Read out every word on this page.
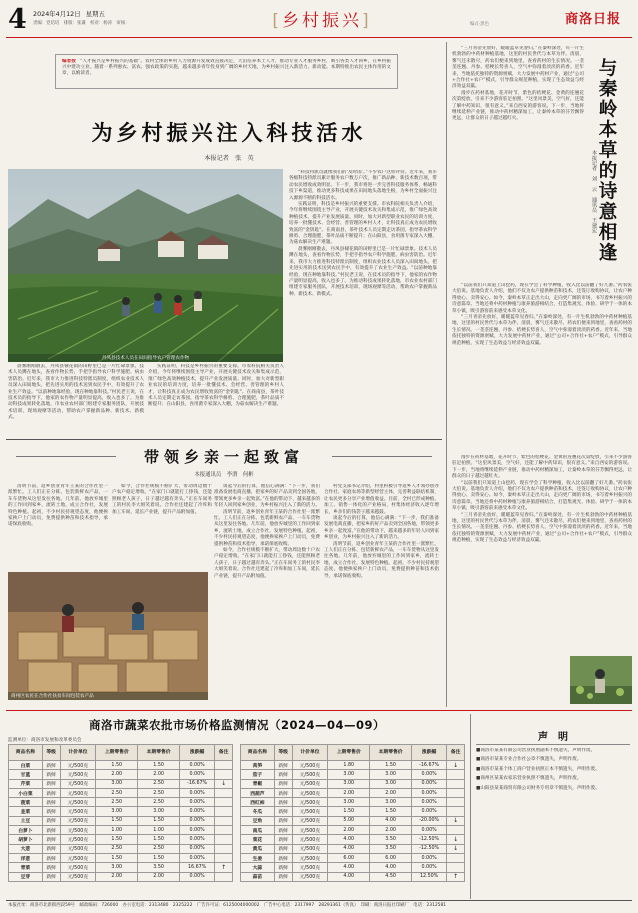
4 2024年4月12日 星期五
责编：党培培　排版：张谦　校对：杨涛　审核：	[乡村振兴]	商洛日报
编式·黑色
编者按 “人才振兴是乡村振兴的基础”。农村全体的乡村人力资源开发成效直接决定，天泊培养本土人才，推动专业人才服务乡村，吸引各类人才回乡，在乡村振兴中建功立业。随着一系列惠农、富农、强农政策的实施，越来越多青年投身到广阔的乡村天地，为乡村振兴注入新活力、新动能。本期特推出农民主体作用的文章，以飨读者。
为乡村振兴注入科技活水
本报记者　张　英
丹凤县技术人员在田间指导农户管理农作物

晨雾刚刚散去，丹凤县棣花镇的田野里已是一片忙碌景象。技术人员蹲在地头，查看作物长势，手把手指导农户科学施肥、病虫害防治。近年来，我市大力推进科技特派员制度，组织农业技术人员深入田间地头，把先进实用的技术送到农民手中，有效提升了农业生产效益。“以前种地靠经验，现在种地靠科技。”村民老王说，在技术员的指导下，他家的农作物产量明显提高，收入也多了。为推动科技成果转化落地，市农业农村部门组建专家服务团队，开展技术培训、现场观摩等活动，帮助农户掌握新品种、新技术、新模式。

实践证明，科技是乡村振兴的重要支撑。市农科院相关负责人介绍，今年将继续围绕主导产业，开展关键技术攻关和集成示范，推广绿色高效种植技术，提升产业发展质量。同时，加大对新型职业农民的培训力度，培养一批懂技术、会经营、善管理的乡村人才，让科技真正成为农民增收致富的“金钥匙”。在商南县，茶叶技术人员定期走访茶园，指导茶农科学修剪、合理施肥，茶叶品质不断提升；在山阳县，食用菌专家深入大棚，为菇农解决生产难题。

“科技特派员就像我们的‘及时雨’。”不少农户这样评价。近年来，我市各级科技特派员累计服务农户数万户次，推广新品种、新技术数百项，带动农民增收成效明显。下一步，我市将进一步完善科技服务体系，畅通科技下乡渠道，推动更多科技成果在田间地头落地生根，为乡村全面振兴注入源源不断的科技活水。

实践证明，科技是乡村振兴的重要支撑。市农科院相关负责人介绍，今年将继续围绕主导产业，开展关键技术攻关和集成示范，推广绿色高效种植技术，提升产业发展质量。同时，加大对新型职业农民的培训力度，培养一批懂技术、会经营、善管理的乡村人才，让科技真正成为农民增收致富的“金钥匙”。在商南县，茶叶技术人员定期走访茶园，指导茶农科学修剪、合理施肥，茶叶品质不断提升；在山阳县，食用菌专家深入大棚，为菇农解决生产难题。

晨雾刚刚散去，丹凤县棣花镇的田野里已是一片忙碌景象。技术人员蹲在地头，查看作物长势，手把手指导农户科学施肥、病虫害防治。近年来，我市大力推进科技特派员制度，组织农业技术人员深入田间地头，把先进实用的技术送到农民手中，有效提升了农业生产效益。“以前种地靠经验，现在种地靠科技。”村民老王说，在技术员的指导下，他家的农作物产量明显提高，收入也多了。为推动科技成果转化落地，市农业农村部门组建专家服务团队，开展技术培训、现场观摩等活动，帮助农户掌握新品种、新技术、新模式。

带领乡亲一起致富
本报通讯员　李渭　何彬

清明节前，返乡创业青年王某的合作社里一派繁忙。工人们正在分拣、包装新鲜农产品，一车车货物从这里发往各地。几年前，他放弃城里的工作回到家乡，流转土地，成立合作社，发展特色种植。起初，不少村民持观望态度，他便挨家挨户上门动员，免费提供种苗和技术指导，承诺保底收购。

商州区农民在合作社扶贫车间包装农产品

如今，合作社规模不断扩大，带动周边数十户农户稳定增收。“在家门口就能打工挣钱，还能照顾老人孩子，日子越过越有奔头。”正在车间务工的村民李大姐笑着说。合作社还建起了冷库和加工车间，延长产业链，提升产品附加值。

谈起今后的打算，他信心满满：“下一步，我们准备发展电商直播，把家乡的好产品卖到全国各地，带领更多乡亲一起致富。”在他的带动下，越来越多的年轻人回到家乡创业，为乡村振兴注入了新的活力。

清明节前，返乡创业青年王某的合作社里一派繁忙。工人们正在分拣、包装新鲜农产品，一车车货物从这里发往各地。几年前，他放弃城里的工作回到家乡，流转土地，成立合作社，发展特色种植。起初，不少村民持观望态度，他便挨家挨户上门动员，免费提供种苗和技术指导，承诺保底收购。

如今，合作社规模不断扩大，带动周边数十户农户稳定增收。“在家门口就能打工挣钱，还能照顾老人孩子，日子越过越有奔头。”正在车间务工的村民李大姐笑着说。合作社还建起了冷库和加工车间，延长产业链，提升产品附加值。

村党支部书记介绍，村里积极引导返乡人才领办创办合作社、家庭农场等新型经营主体，完善利益联结机制，让农民更多分享产业增值收益。目前，全村已形成种植、加工、销售一体化的产业格局，村集体经济收入逐年增长，乡亲们的钱袋子越来越鼓。

谈起今后的打算，他信心满满：“下一步，我们准备发展电商直播，把家乡的好产品卖到全国各地，带领更多乡亲一起致富。”在他的带动下，越来越多的年轻人回到家乡创业，为乡村振兴注入了新的活力。

清明节前，返乡创业青年王某的合作社里一派繁忙。工人们正在分拣、包装新鲜农产品，一车车货物从这里发往各地。几年前，他放弃城里的工作回到家乡，流转土地，成立合作社，发展特色种植。起初，不少村民持观望态度，他便挨家挨户上门动员，免费提供种苗和技术指导，承诺保底收购。

“三月青帝先放好，暖暖蓝草见春归。”在秦岭深处，有一片生机勃勃的中药材种植基地，这里的村民世代与本草为伴。清晨，雾气还未散尽，药农们便来到地里，查看药材的生长情况。一垄垄连翘、丹参、桔梗长势喜人，空气中弥漫着淡淡的药香。近年来，当地依托独特的资源禀赋，大力发展中药材产业，通过“公司+合作社+农户”模式，引导群众规范种植，实现了生态效益与经济效益双赢。

漫步在药材基地，花开时节，紫色的桔梗花、金黄的连翘花次第绽放，引来不少游客驻足拍照。“这里风景美，空气好，还能了解中药知识，很有意义。”来自西安的游客说。下一步，当地将继续延伸产业链，推动中药材精深加工，让秦岭本草的芬芳飘得更远，让群众的日子越过越红火。	与秦岭本草的诗意相逢
本报记者　刘　云　通讯员　王建宏

“以前我们只知道上山挖药，现在学会了科学种植，收入比以前翻了好几番。”药农张大伯说。基地负责人介绍，他们不仅为农户提供种苗和技术，还签订收购协议，让农户种得放心、卖得安心。如今，秦岭本草正走出大山，走向更广阔的市场，书写着乡村振兴的诗意篇章。当地还将中药材种植与康养旅游相结合，打造集观光、体验、研学于一体的本草小镇，吸引游客前来感受本草文化。

“三月青帝先放好，暖暖蓝草见春归。”在秦岭深处，有一片生机勃勃的中药材种植基地，这里的村民世代与本草为伴。清晨，雾气还未散尽，药农们便来到地里，查看药材的生长情况。一垄垄连翘、丹参、桔梗长势喜人，空气中弥漫着淡淡的药香。近年来，当地依托独特的资源禀赋，大力发展中药材产业，通过“公司+合作社+农户”模式，引导群众规范种植，实现了生态效益与经济效益双赢。

漫步在药材基地，花开时节，紫色的桔梗花、金黄的连翘花次第绽放，引来不少游客驻足拍照。“这里风景美，空气好，还能了解中药知识，很有意义。”来自西安的游客说。下一步，当地将继续延伸产业链，推动中药材精深加工，让秦岭本草的芬芳飘得更远，让群众的日子越过越红火。

“以前我们只知道上山挖药，现在学会了科学种植，收入比以前翻了好几番。”药农张大伯说。基地负责人介绍，他们不仅为农户提供种苗和技术，还签订收购协议，让农户种得放心、卖得安心。如今，秦岭本草正走出大山，走向更广阔的市场，书写着乡村振兴的诗意篇章。当地还将中药材种植与康养旅游相结合，打造集观光、体验、研学于一体的本草小镇，吸引游客前来感受本草文化。

“三月青帝先放好，暖暖蓝草见春归。”在秦岭深处，有一片生机勃勃的中药材种植基地，这里的村民世代与本草为伴。清晨，雾气还未散尽，药农们便来到地里，查看药材的生长情况。一垄垄连翘、丹参、桔梗长势喜人，空气中弥漫着淡淡的药香。近年来，当地依托独特的资源禀赋，大力发展中药材产业，通过“公司+合作社+农户”模式，引导群众规范种植，实现了生态效益与经济效益双赢。

商洛市蔬菜农批市场价格监测情况（2024—04—09）
监测单位：商洛市发展和改革委员会
商品名称	等级	计价单位	上期零售价	本期零售价	涨跌幅	备注
白菜	新鲜	元/500克	1.50	1.50	0.00%	
甘蓝	新鲜	元/500克	2.00	2.00	0.00%	
芹菜	新鲜	元/500克	3.00	2.50	-16.67%	↓
小白菜	新鲜	元/500克	2.50	2.50	0.00%	
菠菜	新鲜	元/500克	2.50	2.50	0.00%	
韭菜	新鲜	元/500克	3.00	3.00	0.00%	
土豆	新鲜	元/500克	1.50	1.50	0.00%	
白萝卜	新鲜	元/500克	1.00	1.00	0.00%	
胡萝卜	新鲜	元/500克	1.50	1.50	0.00%	
大葱	新鲜	元/500克	2.50	2.50	0.00%	
洋葱	新鲜	元/500克	1.50	1.50	0.00%	
青菜	新鲜	元/500克	3.00	3.50	16.67%	↑
豆芽	新鲜	元/500克	2.00	2.00	0.00%	
商品名称	等级	计价单位	上期零售价	本期零售价	涨跌幅	备注
莴笋	新鲜	元/500克	1.80	1.50	-16.67%	↓
茄子	新鲜	元/500克	3.00	3.00	0.00%	
青椒	新鲜	元/500克	3.00	3.00	0.00%	
西葫芦	新鲜	元/500克	2.00	2.00	0.00%	
西红柿	新鲜	元/500克	3.00	3.00	0.00%	
冬瓜	新鲜	元/500克	1.50	1.50	0.00%	
豆角	新鲜	元/500克	5.00	4.00	-20.00%	↓
南瓜	新鲜	元/500克	2.00	2.00	0.00%	
菜花	新鲜	元/500克	4.00	3.50	-12.50%	↓
黄瓜	新鲜	元/500克	4.00	3.50	-12.50%	↓
生姜	新鲜	元/500克	6.00	6.00	0.00%	
大蒜	新鲜	元/500克	4.00	4.00	0.00%	
蒜苗	新鲜	元/500克	4.00	4.50	12.50%	↑
声　明

■商洛市某某有限公司营业执照副本不慎遗失，声明作废。

■商洛市某某专业合作社公章不慎遗失，声明作废。

■商洛市某某个体工商户营业执照正本不慎遗失，声明作废。

■商州区某某农家乐营业执照不慎遗失，声明作废。

■山阳县某某商贸有限公司财务专用章不慎遗失，声明作废。

本报社址：商洛市北新街西段59号　邮政编码：726000　办公室电话：2313480　2325222　广告许可证：6125004000002　广告中心电话：2317997　28293361（传真）　印刷：商洛日报社印刷厂　电话：2312581
